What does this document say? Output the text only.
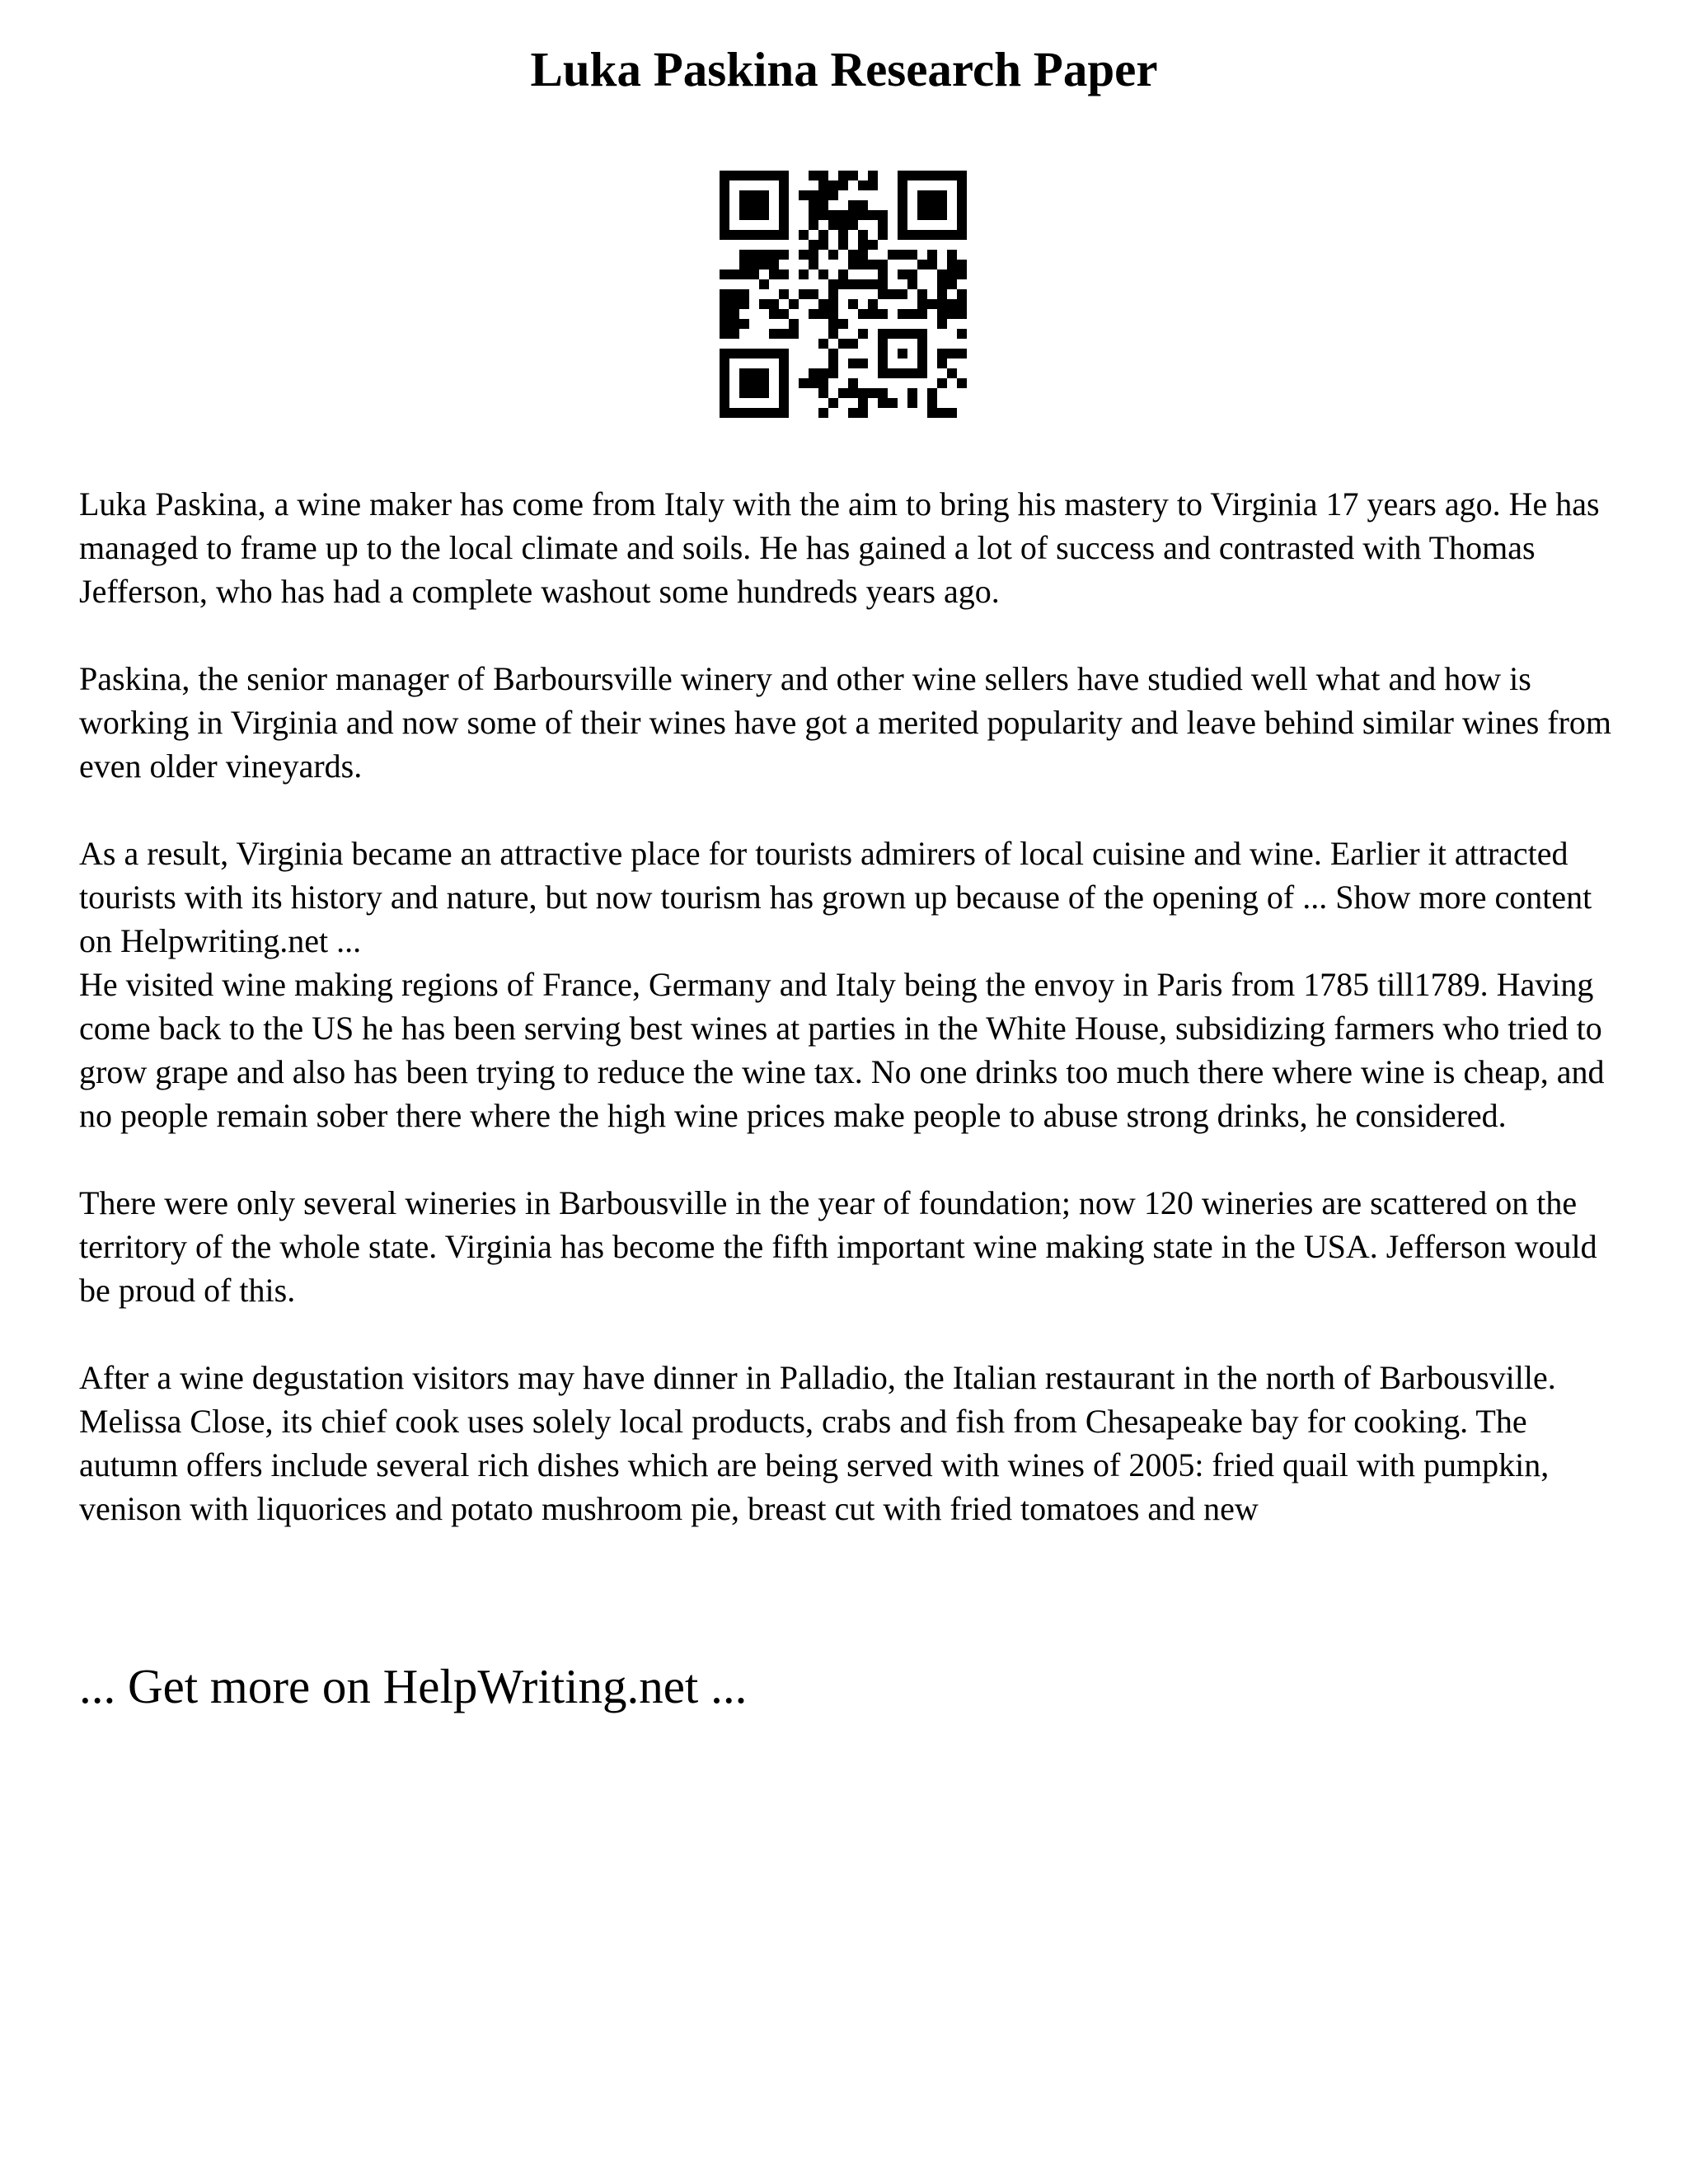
Luka Paskina Research Paper

Luka Paskina, a wine maker has come from Italy with the aim to bring his mastery to Virginia 17 years ago. He has managed to frame up to the local climate and soils. He has gained a lot of success and contrasted with Thomas Jefferson, who has had a complete washout some hundreds years ago.

Paskina, the senior manager of Barboursville winery and other wine sellers have studied well what and how is working in Virginia and now some of their wines have got a merited popularity and leave behind similar wines from even older vineyards.

As a result, Virginia became an attractive place for tourists admirers of local cuisine and wine. Earlier it attracted tourists with its history and nature, but now tourism has grown up because of the opening of ... Show more content on Helpwriting.net ...

He visited wine making regions of France, Germany and Italy being the envoy in Paris from 1785 till1789. Having come back to the US he has been serving best wines at parties in the White House, subsidizing farmers who tried to grow grape and also has been trying to reduce the wine tax. No one drinks too much there where wine is cheap, and no people remain sober there where the high wine prices make people to abuse strong drinks, he considered.

There were only several wineries in Barbousville in the year of foundation; now 120 wineries are scattered on the territory of the whole state. Virginia has become the fifth important wine making state in the USA. Jefferson would be proud of this.

After a wine degustation visitors may have dinner in Palladio, the Italian restaurant in the north of Barbousville. Melissa Close, its chief cook uses solely local products, crabs and fish from Chesapeake bay for cooking. The autumn offers include several rich dishes which are being served with wines of 2005: fried quail with pumpkin, venison with liquorices and potato mushroom pie, breast cut with fried tomatoes and new

... Get more on HelpWriting.net ...
